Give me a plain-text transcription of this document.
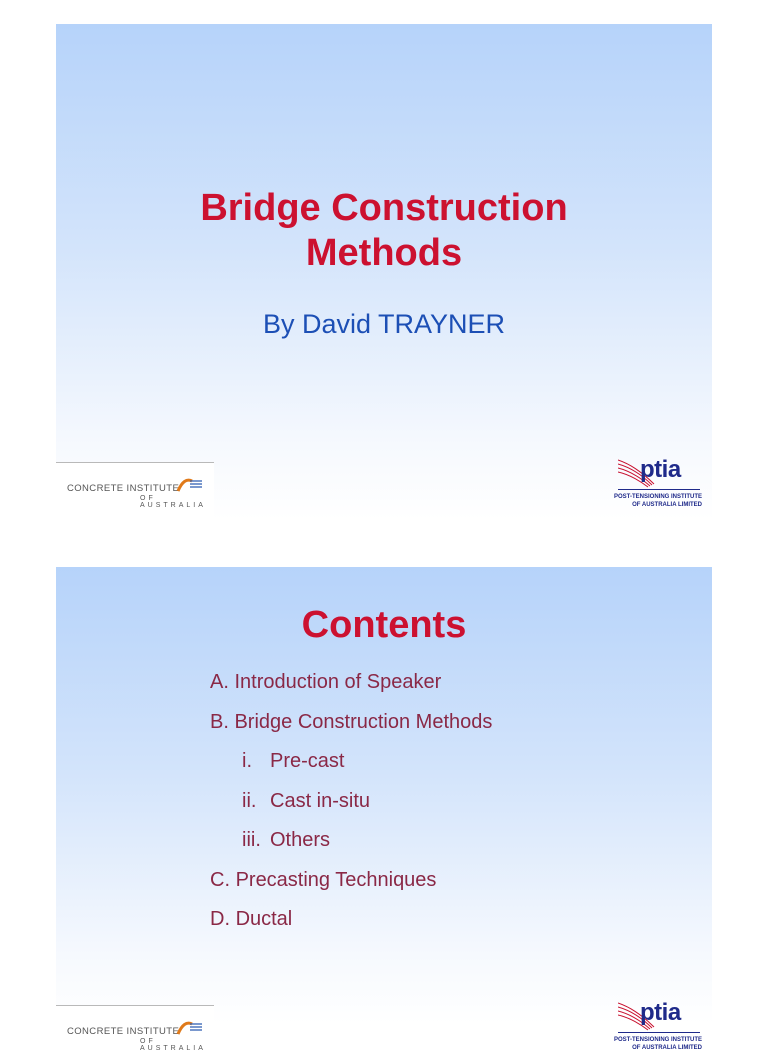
Bridge Construction
Methods
By David TRAYNER
CONCRETE INSTITUTE
OF AUSTRALIA
ptia
POST-TENSIONING INSTITUTE
OF AUSTRALIA LIMITED
Contents
A. Introduction of Speaker
B. Bridge Construction Methods
i. Pre-cast
ii. Cast in-situ
iii. Others
C. Precasting Techniques
D. Ductal
CONCRETE INSTITUTE
OF AUSTRALIA
ptia
POST-TENSIONING INSTITUTE
OF AUSTRALIA LIMITED
